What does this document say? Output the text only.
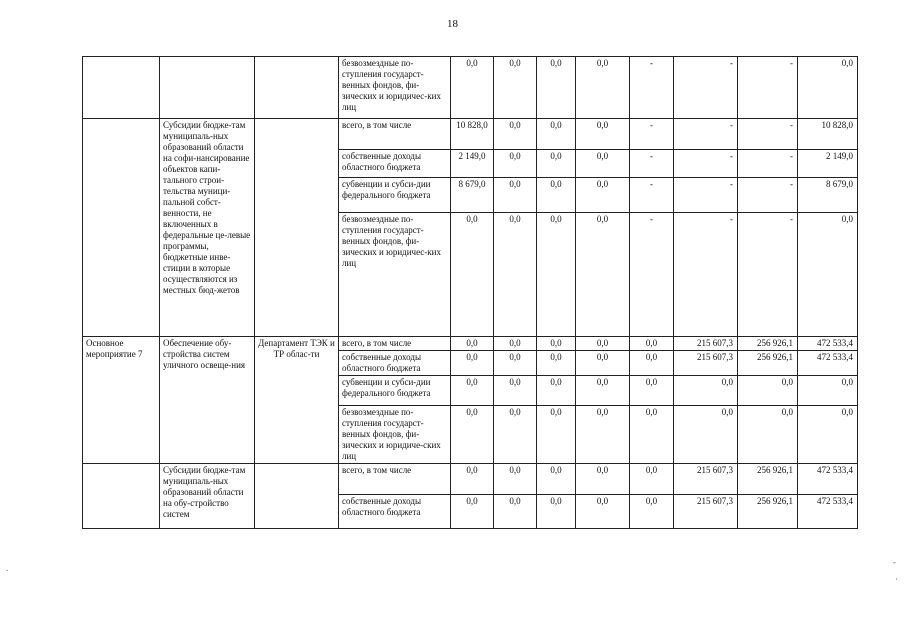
18
			безвозмездные по-ступления государст-венных фондов, фи-зических и юридичес-ких лиц	0,0	0,0	0,0	0,0	-	-	-	0,0
	Субсидии бюдже-там муниципаль-ных образований области на софи-нансирование объектов капи-тального строи-тельства муници-пальной собст-венности, не включенных в федеральные це-левые программы, бюджетные инве-стиции в которые осуществляются из местных бюд-жетов		всего, в том числе	10 828,0	0,0	0,0	0,0	-	-	-	10 828,0
			собственные доходы областного бюджета	2 149,0	0,0	0,0	0,0	-	-	-	2 149,0
			субвенции и субси-дии федерального бюджета	8 679,0	0,0	0,0	0,0	-	-	-	8 679,0
			безвозмездные по-ступления государст-венных фондов, фи-зических и юридичес-ких лиц	0,0	0,0	0,0	0,0	-	-	-	0,0
Основное мероприятие 7	Обеспечение обу-стройства систем уличного освеще-ния	Департамент ТЭК и ТР облас-ти	всего, в том числе	0,0	0,0	0,0	0,0	0,0	215 607,3	256 926,1	472 533,4
			собственные доходы областного бюджета	0,0	0,0	0,0	0,0	0,0	215 607,3	256 926,1	472 533,4
			субвенции и субси-дии федерального бюджета	0,0	0,0	0,0	0,0	0,0	0,0	0,0	0,0
			безвозмездные по-ступления государст-венных фондов, фи-зических и юридиче-ских лиц	0,0	0,0	0,0	0,0	0,0	0,0	0,0	0,0
	Субсидии бюдже-там муниципаль-ных образований области на обу-стройство систем		всего, в том числе	0,0	0,0	0,0	0,0	0,0	215 607,3	256 926,1	472 533,4
			собственные доходы областного бюджета	0,0	0,0	0,0	0,0	0,0	215 607,3	256 926,1	472 533,4
.
-
·
